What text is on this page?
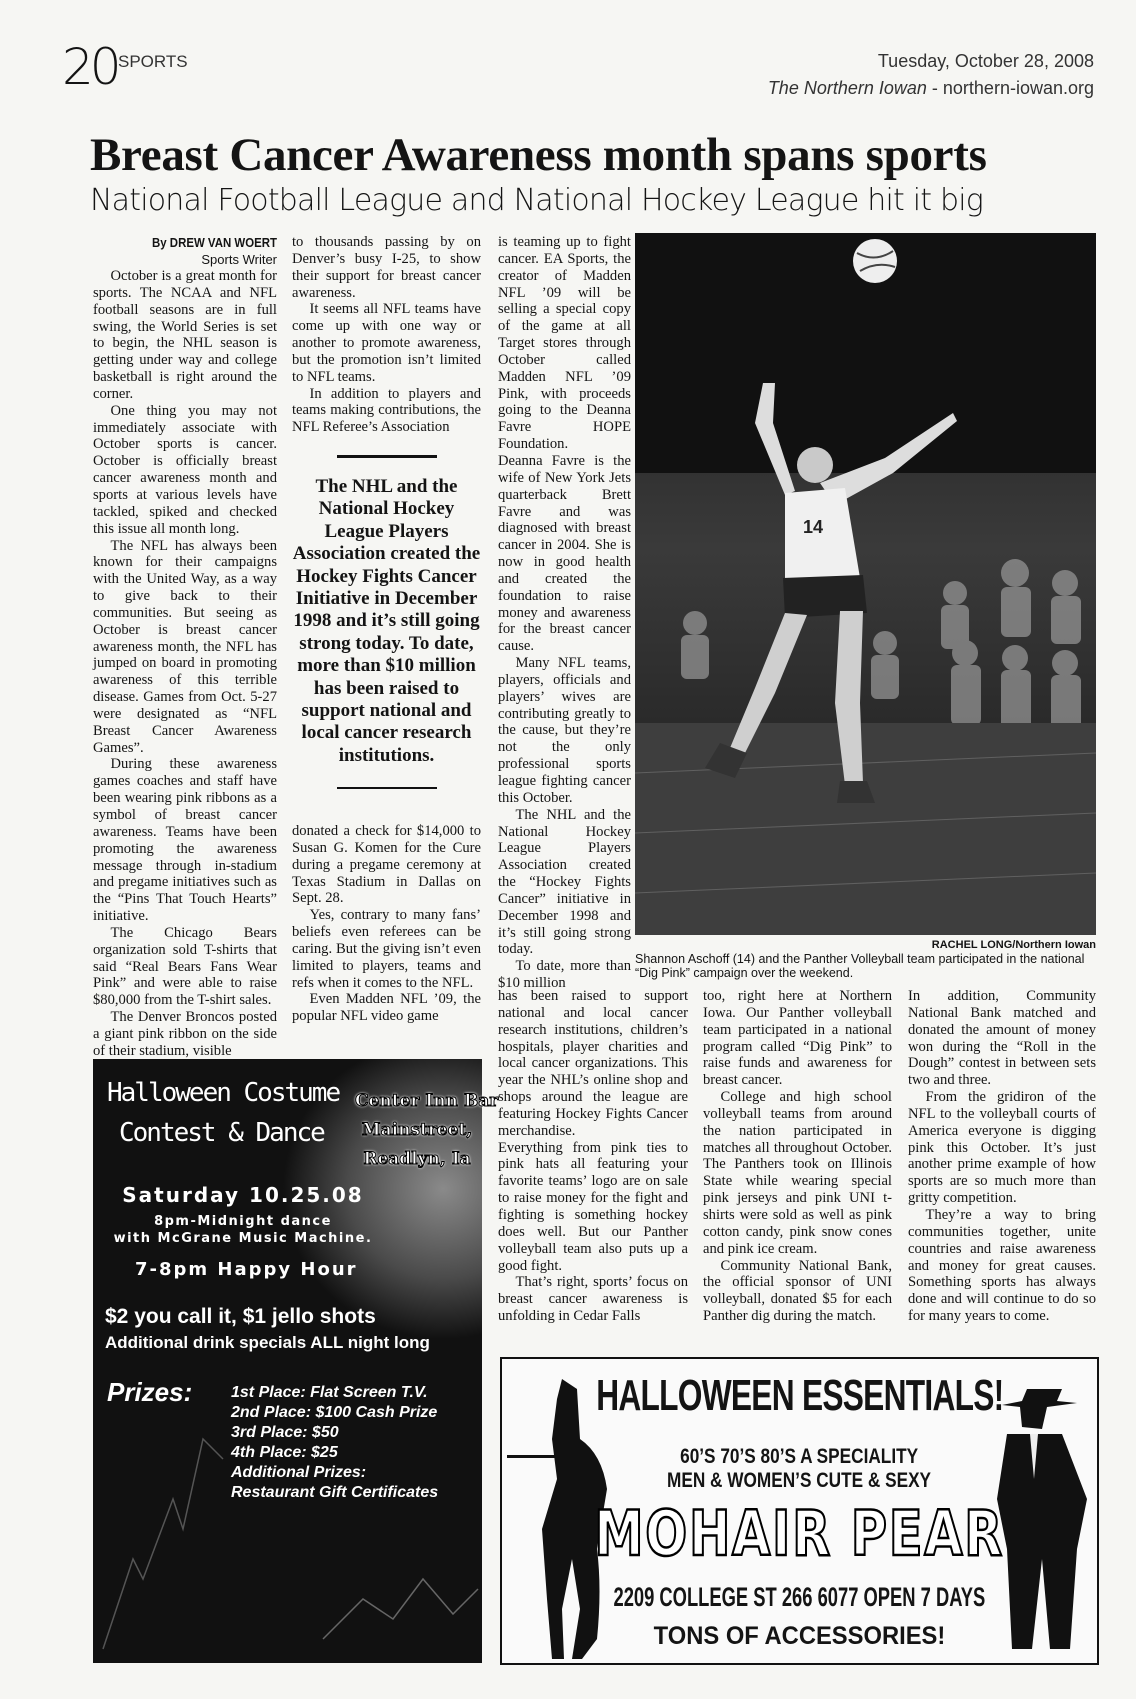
20 SPORTS	Tuesday, October 28, 2008
The Northern Iowan - northern-iowan.org
Breast Cancer Awareness month spans sports
National Football League and National Hockey League hit it big
By DREW VAN WOERT
Sports Writer

October is a great month for sports. The NCAA and NFL football seasons are in full swing, the World Series is set to begin, the NHL season is getting under way and college basketball is right around the corner.

One thing you may not immediately associate with October sports is cancer. October is officially breast cancer awareness month and sports at various levels have tackled, spiked and checked this issue all month long.

The NFL has always been known for their campaigns with the United Way, as a way to give back to their communities. But seeing as October is breast cancer awareness month, the NFL has jumped on board in promoting awareness of this terrible disease. Games from Oct. 5-27 were designated as “NFL Breast Cancer Awareness Games”.

During these awareness games coaches and staff have been wearing pink ribbons as a symbol of breast cancer awareness. Teams have been promoting the awareness message through in-stadium and pregame initiatives such as the “Pins That Touch Hearts” initiative.

The Chicago Bears organization sold T-shirts that said “Real Bears Fans Wear Pink” and were able to raise $80,000 from the T-shirt sales.

The Denver Broncos posted a giant pink ribbon on the side of their stadium, visible

to thousands passing by on Denver’s busy I-25, to show their support for breast cancer awareness.

It seems all NFL teams have come up with one way or another to promote awareness, but the promotion isn’t limited to NFL teams.

In addition to players and teams making contributions, the NFL Referee’s Association

The NHL and the National Hockey League Players Association created the Hockey Fights Cancer Initiative in December 1998 and it’s still going strong today. To date, more than $10 million has been raised to support national and local cancer research institutions.

donated a check for $14,000 to Susan G. Komen for the Cure during a pregame ceremony at Texas Stadium in Dallas on Sept. 28.

Yes, contrary to many fans’ beliefs even referees can be caring. But the giving isn’t even limited to players, teams and refs when it comes to the NFL.

Even Madden NFL ’09, the popular NFL video game

is teaming up to fight cancer. EA Sports, the creator of Madden NFL ’09 will be selling a special copy of the game at all Target stores through October called Madden NFL ’09 Pink, with proceeds going to the Deanna Favre HOPE Foundation.

Deanna Favre is the wife of New York Jets quarterback Brett Favre and was diagnosed with breast cancer in 2004. She is now in good health and created the foundation to raise money and awareness for the breast cancer cause.

Many NFL teams, players, officials and players’ wives are contributing greatly to the cause, but they’re not the only professional sports league fighting cancer this October.

The NHL and the National Hockey League Players Association created the “Hockey Fights Cancer” initiative in December 1998 and it’s still going strong today.

To date, more than $10 million

14
RACHEL LONG/Northern Iowan
Shannon Aschoff (14) and the Panther Volleyball team participated in the national “Dig Pink” campaign over the weekend.

has been raised to support national and local cancer research institutions, children’s hospitals, player charities and local cancer organizations. This year the NHL’s online shop and shops around the league are featuring Hockey Fights Cancer merchandise.

Everything from pink ties to pink hats all featuring your favorite teams’ logo are on sale to raise money for the fight and fighting is something hockey does well. But our Panther volleyball team also puts up a good fight.

That’s right, sports’ focus on breast cancer awareness is unfolding in Cedar Falls

too, right here at Northern Iowa. Our Panther volleyball team participated in a national program called “Dig Pink” to raise funds and awareness for breast cancer.

College and high school volleyball teams from around the nation participated in matches all throughout October. The Panthers took on Illinois State while wearing special pink jerseys and pink UNI t-shirts were sold as well as pink cotton candy, pink snow cones and pink ice cream.

Community National Bank, the official sponsor of UNI volleyball, donated $5 for each Panther dig during the match.

In addition, Community National Bank matched and donated the amount of money won during the “Roll in the Dough” contest in between sets two and three.

From the gridiron of the NFL to the volleyball courts of America everyone is digging pink this October. It’s just another prime example of how sports are so much more than gritty competition.

They’re a way to bring communities together, unite countries and raise awareness and money for great causes. Something sports has always done and will continue to do so for many years to come.

Halloween Costume
Contest & Dance
Center Inn Bar
Mainstreet,
Readlyn, Ia
Saturday 10.25.08
8pm-Midnight dance
with McGrane Music Machine.
7-8pm Happy Hour
$2 you call it, $1 jello shots
Additional drink specials ALL night long
Prizes: 1st Place: Flat Screen T.V.
2nd Place: $100 Cash Prize
3rd Place: $50
4th Place: $25
Additional Prizes:
Restaurant Gift Certificates
HALLOWEEN ESSENTIALS!
60’S 70’S 80’S A SPECIALITY
MEN & WOMEN’S CUTE & SEXY
MOHAIR PEAR
2209 COLLEGE ST 266 6077 OPEN 7 DAYS
TONS OF ACCESSORIES!
